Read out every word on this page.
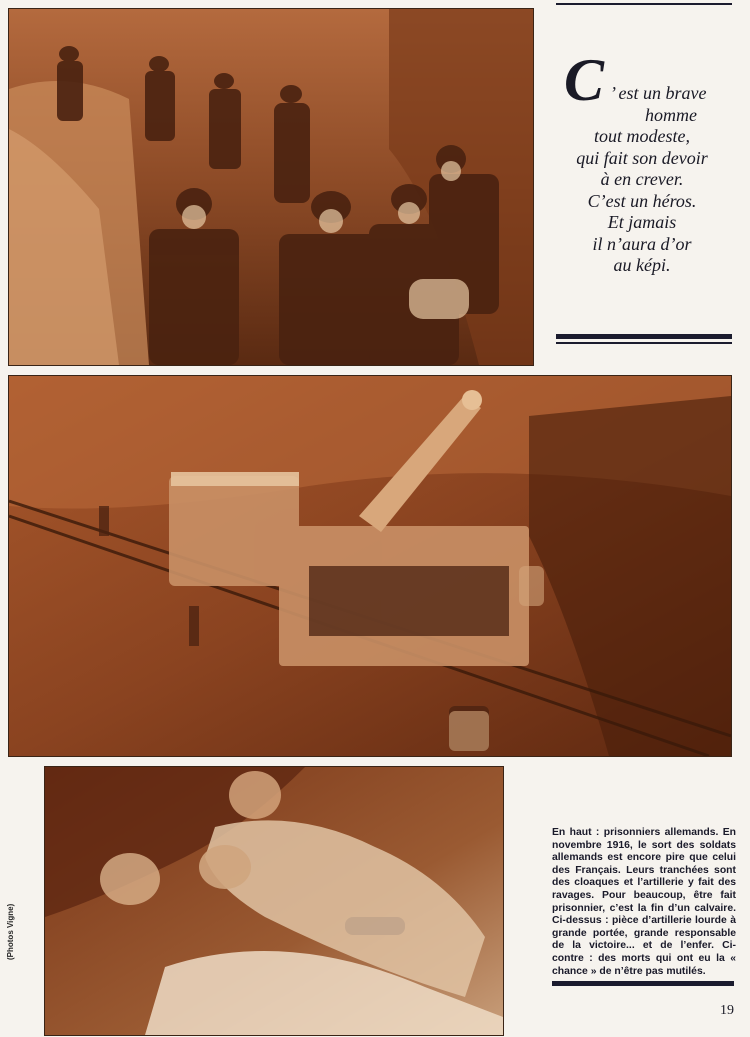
C ’ est un brave
homme
tout modeste,
qui fait son devoir
à en crever.
C’est un héros.
Et jamais
il n’aura d’or
au képi.
(Photos Vigne)
En haut : prisonniers allemands. En novembre 1916, le sort des soldats allemands est encore pire que celui des Français. Leurs tranchées sont des cloaques et l’artillerie y fait des ravages. Pour beaucoup, être fait prisonnier, c’est la fin d’un calvaire. Ci-dessus : pièce d’artillerie lourde à grande portée, grande responsable de la victoire... et de l’enfer. Ci-contre : des morts qui ont eu la « chance » de n’être pas mutilés.
19
